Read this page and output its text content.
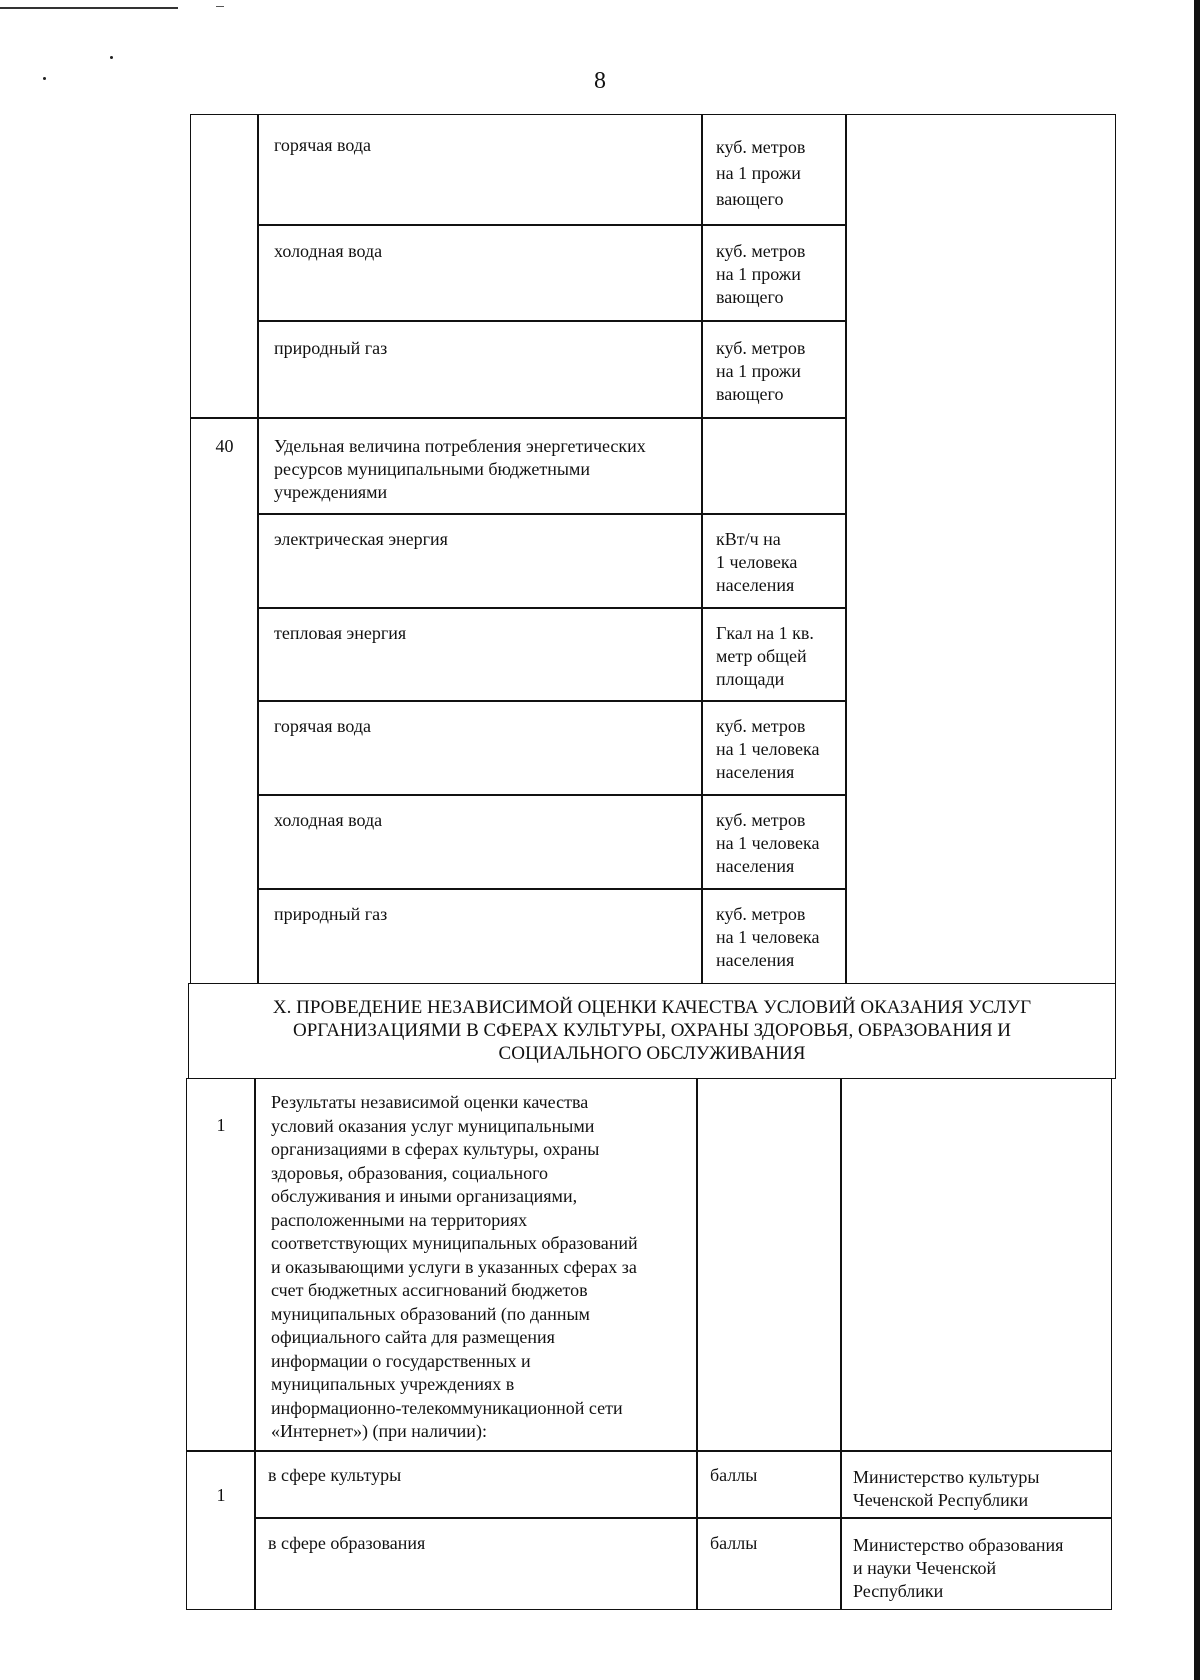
8
горячая вода	куб. метров
на 1 прожи
вающего
холодная вода	куб. метров
на 1 прожи
вающего
природный газ	куб. метров
на 1 прожи
вающего
40	Удельная величина потребления энергетических
ресурсов муниципальными бюджетными
учреждениями
электрическая энергия	кВт/ч на
1 человека
населения
тепловая энергия	Гкал на 1 кв.
метр общей
площади
горячая вода	куб. метров
на 1 человека
населения
холодная вода	куб. метров
на 1 человека
населения
природный газ	куб. метров
на 1 человека
населения
X. ПРОВЕДЕНИЕ НЕЗАВИСИМОЙ ОЦЕНКИ КАЧЕСТВА УСЛОВИЙ ОКАЗАНИЯ УСЛУГ
ОРГАНИЗАЦИЯМИ В СФЕРАХ КУЛЬТУРЫ, ОХРАНЫ ЗДОРОВЬЯ, ОБРАЗОВАНИЯ И
СОЦИАЛЬНОГО ОБСЛУЖИВАНИЯ
1
Результаты независимой оценки качества
условий оказания услуг муниципальными
организациями в сферах культуры, охраны
здоровья, образования, социального
обслуживания и иными организациями,
расположенными на территориях
соответствующих муниципальных образований
и оказывающими услуги в указанных сферах за
счет бюджетных ассигнований бюджетов
муниципальных образований (по данным
официального сайта для размещения
информации о государственных и
муниципальных учреждениях в
информационно-телекоммуникационной сети
«Интернет») (при наличии):
1
в сфере культуры	баллы	Министерство культуры
Чеченской Республики
в сфере образования	баллы	Министерство образования
и науки Чеченской
Республики
